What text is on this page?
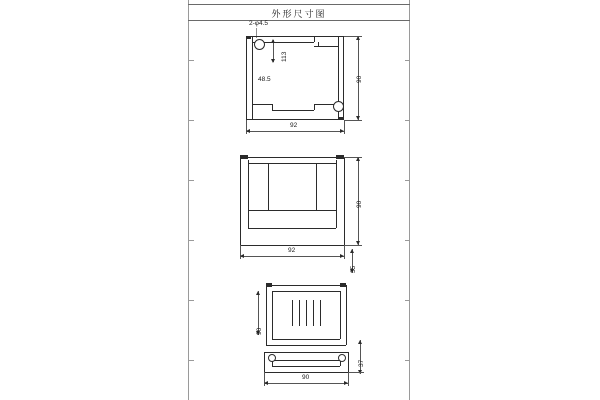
外形尺寸图
2-φ4.5
113
48.5	90
92
90
92
35
90
37
90
